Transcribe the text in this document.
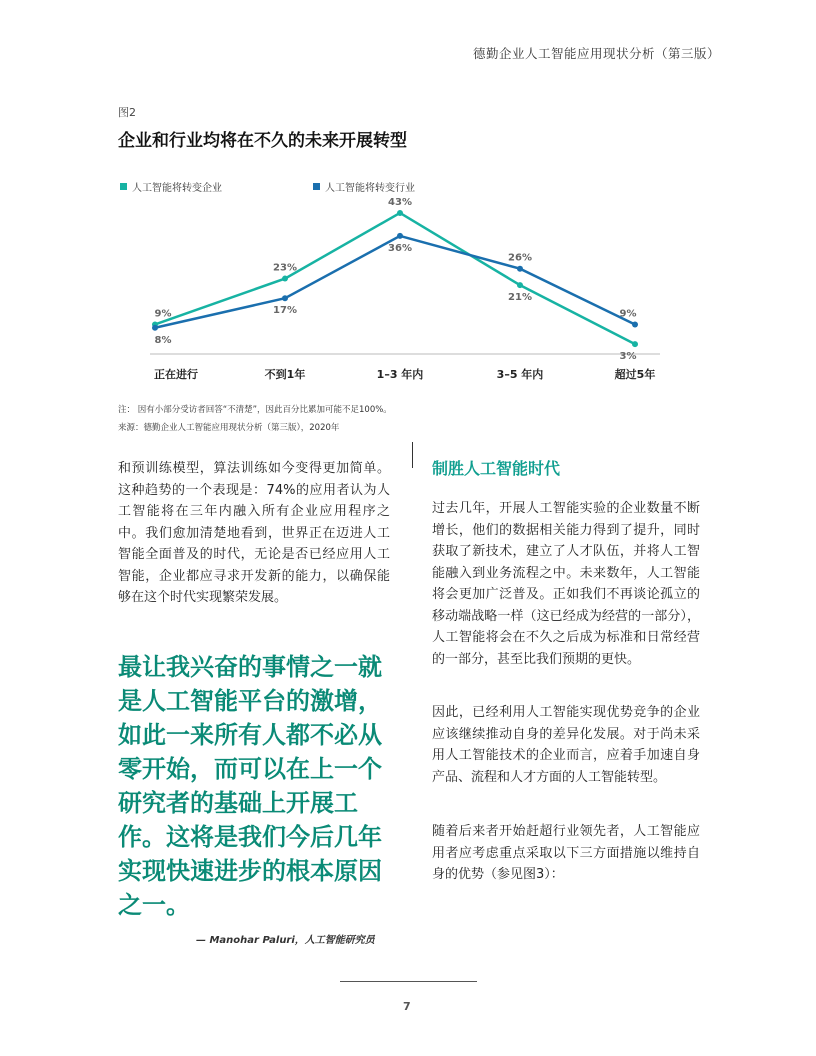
德勤企业人工智能应用现状分析（第三版）
图2
企业和行业均将在不久的未来开展转型
人工智能将转变企业	人工智能将转变行业
9%
23%
43%
21%
3%
8%
17%
36%
26%
9%
正在进行	不到1年	1–3 年内	3–5 年内	超过5年
注： 因有小部分受访者回答“不清楚”，因此百分比累加可能不足100%。
来源：德勤企业人工智能应用现状分析（第三版），2020年

和预训练模型，算法训练如今变得更加简单。这种趋势的一个表现是：74%的应用者认为人工智能将在三年内融入所有企业应用程序之中。我们愈加清楚地看到，世界正在迈进人工智能全面普及的时代，无论是否已经应用人工智能，企业都应寻求开发新的能力，以确保能够在这个时代实现繁荣发展。

最让我兴奋的事情之一就是人工智能平台的激增，如此一来所有人都不必从零开始，而可以在上一个研究者的基础上开展工作。这将是我们今后几年实现快速进步的根本原因之一。

— Manohar Paluri，人工智能研究员
制胜人工智能时代

过去几年，开展人工智能实验的企业数量不断增长，他们的数据相关能力得到了提升，同时获取了新技术，建立了人才队伍，并将人工智能融入到业务流程之中。未来数年，人工智能将会更加广泛普及。正如我们不再谈论孤立的移动端战略一样（这已经成为经营的一部分），人工智能将会在不久之后成为标准和日常经营的一部分，甚至比我们预期的更快。

因此，已经利用人工智能实现优势竞争的企业应该继续推动自身的差异化发展。对于尚未采用人工智能技术的企业而言，应着手加速自身产品、流程和人才方面的人工智能转型。

随着后来者开始赶超行业领先者，人工智能应用者应考虑重点采取以下三方面措施以维持自身的优势（参见图3）：

7
